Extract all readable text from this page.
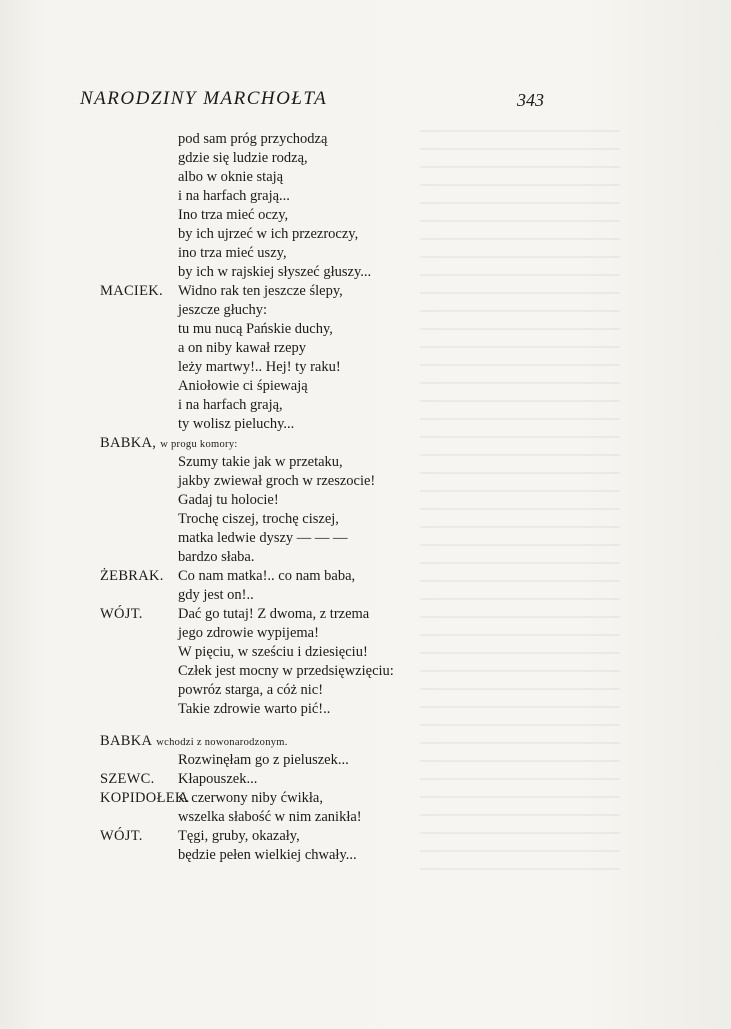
NARODZINY MARCHOŁTA	343
pod sam próg przychodzą
gdzie się ludzie rodzą,
albo w oknie stają
i na harfach grają...
Ino trza mieć oczy,
by ich ujrzeć w ich przezroczy,
ino trza mieć uszy,
by ich w rajskiej słyszeć głuszy...
MACIEK. Widno rak ten jeszcze ślepy,
jeszcze głuchy:
tu mu nucą Pańskie duchy,
a on niby kawał rzepy
leży martwy!.. Hej! ty raku!
Aniołowie ci śpiewają
i na harfach grają,
ty wolisz pieluchy...
BABKA, w progu komory:
Szumy takie jak w przetaku,
jakby zwiewał groch w rzeszocie!
Gadaj tu holocie!
Trochę ciszej, trochę ciszej,
matka ledwie dyszy — — —
bardzo słaba.
ŻEBRAK. Co nam matka!.. co nam baba,
gdy jest on!..
WÓJT. Dać go tutaj! Z dwoma, z trzema
jego zdrowie wypijema!
W pięciu, w sześciu i dziesięciu!
Człek jest mocny w przedsięwzięciu:
powróz starga, a cóż nic!
Takie zdrowie warto pić!..
BABKA wchodzi z nowonarodzonym.
Rozwinęłam go z pieluszek...
SZEWC. Kłapouszek...
KOPIDOŁEK.
A czerwony niby ćwikła,
wszelka słabość w nim zanikła!
WÓJT. Tęgi, gruby, okazały,
będzie pełen wielkiej chwały...
